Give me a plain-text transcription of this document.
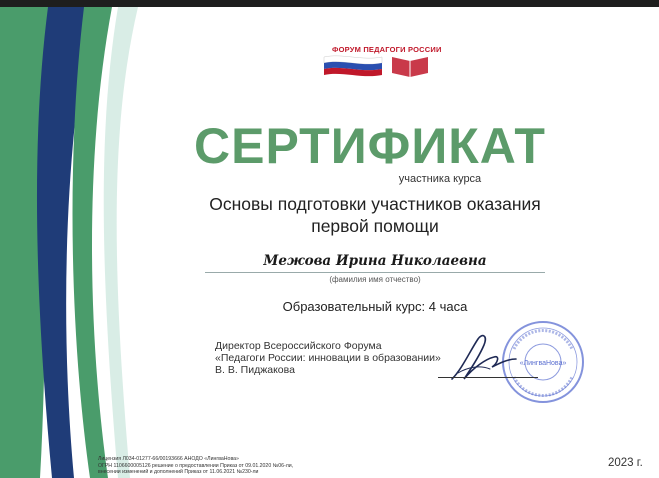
ФОРУМ ПЕДАГОГИ РОССИИ
СЕРТИФИКАТ
участника курса
Основы подготовки участников оказания
первой помощи
Межова Ирина Николаевна
(фамилия имя отчество)
Образовательный курс: 4 часа
Директор Всероссийского Форума
«Педагоги России: инновации в образовании»
В. В. Пиджакова
«ЛингваНова»
Лицензия Л034-01277-66/00193666 АНОДО «ЛингваНова»
ОГРН 1106600005126 решение о предоставлении Приказ от 09.01.2020 №06-ли,
внесении изменений и дополнений Приказ от 11.06.2021 №230-ли
2023 г.
